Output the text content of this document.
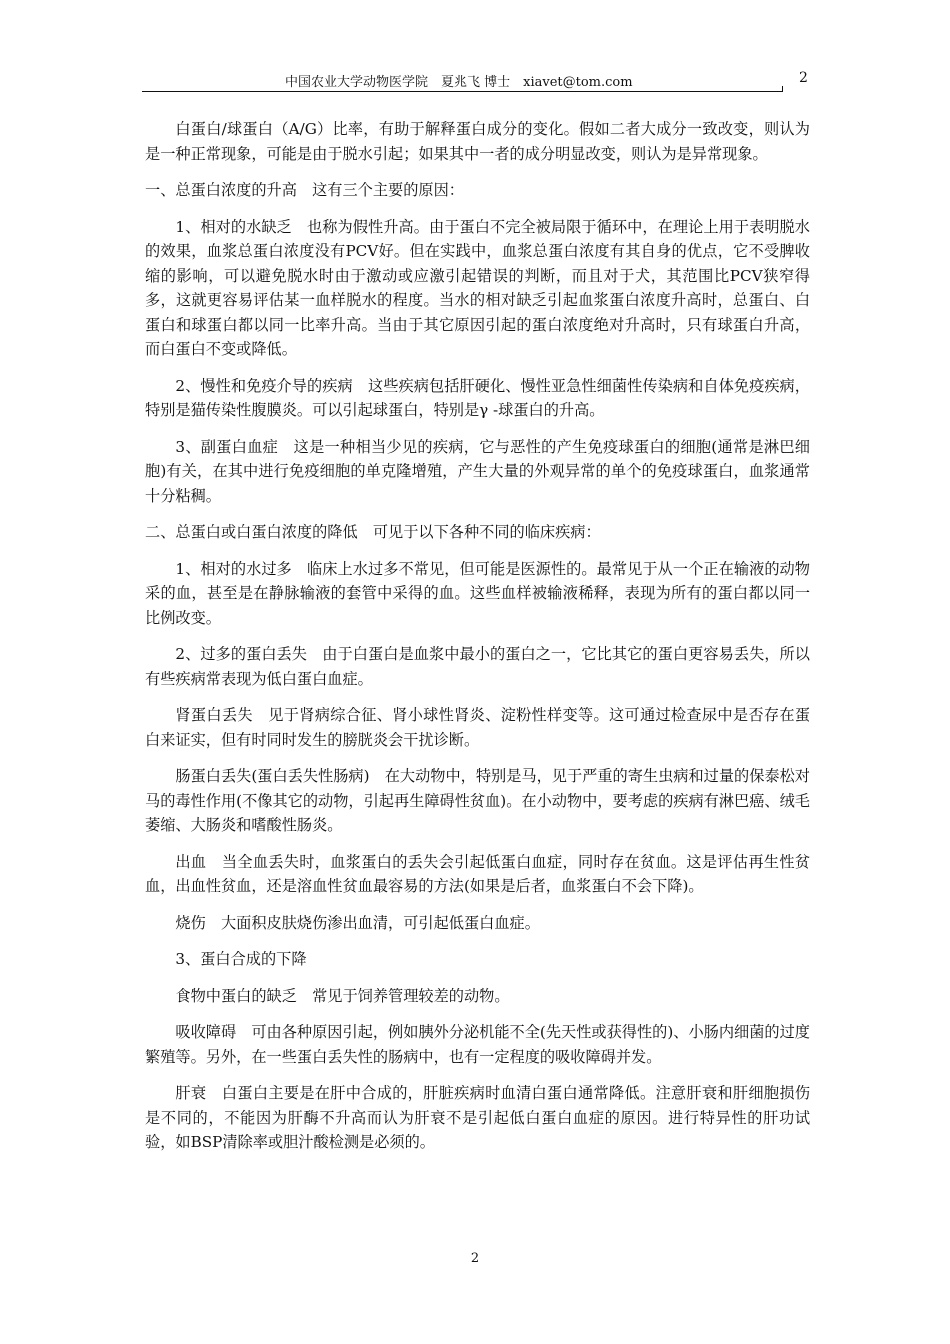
中国农业大学动物医学院　夏兆飞 博士　xiavet@tom.com	2

白蛋白/球蛋白（A/G）比率，有助于解释蛋白成分的变化。假如二者大成分一致改变，则认为是一种正常现象，可能是由于脱水引起；如果其中一者的成分明显改变，则认为是异常现象。

一、总蛋白浓度的升高　这有三个主要的原因：

1、相对的水缺乏　也称为假性升高。由于蛋白不完全被局限于循环中，在理论上用于表明脱水的效果，血浆总蛋白浓度没有PCV好。但在实践中，血浆总蛋白浓度有其自身的优点，它不受脾收缩的影响，可以避免脱水时由于激动或应激引起错误的判断，而且对于犬，其范围比PCV狭窄得多，这就更容易评估某一血样脱水的程度。当水的相对缺乏引起血浆蛋白浓度升高时，总蛋白、白蛋白和球蛋白都以同一比率升高。当由于其它原因引起的蛋白浓度绝对升高时，只有球蛋白升高，而白蛋白不变或降低。

2、慢性和免疫介导的疾病　这些疾病包括肝硬化、慢性亚急性细菌性传染病和自体免疫疾病，特别是猫传染性腹膜炎。可以引起球蛋白，特别是γ -球蛋白的升高。

3、副蛋白血症　这是一种相当少见的疾病，它与恶性的产生免疫球蛋白的细胞(通常是淋巴细胞)有关，在其中进行免疫细胞的单克隆增殖，产生大量的外观异常的单个的免疫球蛋白，血浆通常十分粘稠。

二、总蛋白或白蛋白浓度的降低　可见于以下各种不同的临床疾病：

1、相对的水过多　临床上水过多不常见，但可能是医源性的。最常见于从一个正在输液的动物采的血，甚至是在静脉输液的套管中采得的血。这些血样被输液稀释，表现为所有的蛋白都以同一比例改变。

2、过多的蛋白丢失　由于白蛋白是血浆中最小的蛋白之一，它比其它的蛋白更容易丢失，所以有些疾病常表现为低白蛋白血症。

肾蛋白丢失　见于肾病综合征、肾小球性肾炎、淀粉性样变等。这可通过检查尿中是否存在蛋白来证实，但有时同时发生的膀胱炎会干扰诊断。

肠蛋白丢失(蛋白丢失性肠病)　在大动物中，特别是马，见于严重的寄生虫病和过量的保泰松对马的毒性作用(不像其它的动物，引起再生障碍性贫血)。在小动物中，要考虑的疾病有淋巴癌、绒毛萎缩、大肠炎和嗜酸性肠炎。

出血　当全血丢失时，血浆蛋白的丢失会引起低蛋白血症，同时存在贫血。这是评估再生性贫血，出血性贫血，还是溶血性贫血最容易的方法(如果是后者，血浆蛋白不会下降)。

烧伤　大面积皮肤烧伤渗出血清，可引起低蛋白血症。

3、蛋白合成的下降

食物中蛋白的缺乏　常见于饲养管理较差的动物。

吸收障碍　可由各种原因引起，例如胰外分泌机能不全(先天性或获得性的)、小肠内细菌的过度繁殖等。另外，在一些蛋白丢失性的肠病中，也有一定程度的吸收障碍并发。

肝衰　白蛋白主要是在肝中合成的，肝脏疾病时血清白蛋白通常降低。注意肝衰和肝细胞损伤是不同的，不能因为肝酶不升高而认为肝衰不是引起低白蛋白血症的原因。进行特异性的肝功试验，如BSP清除率或胆汁酸检测是必须的。

2
